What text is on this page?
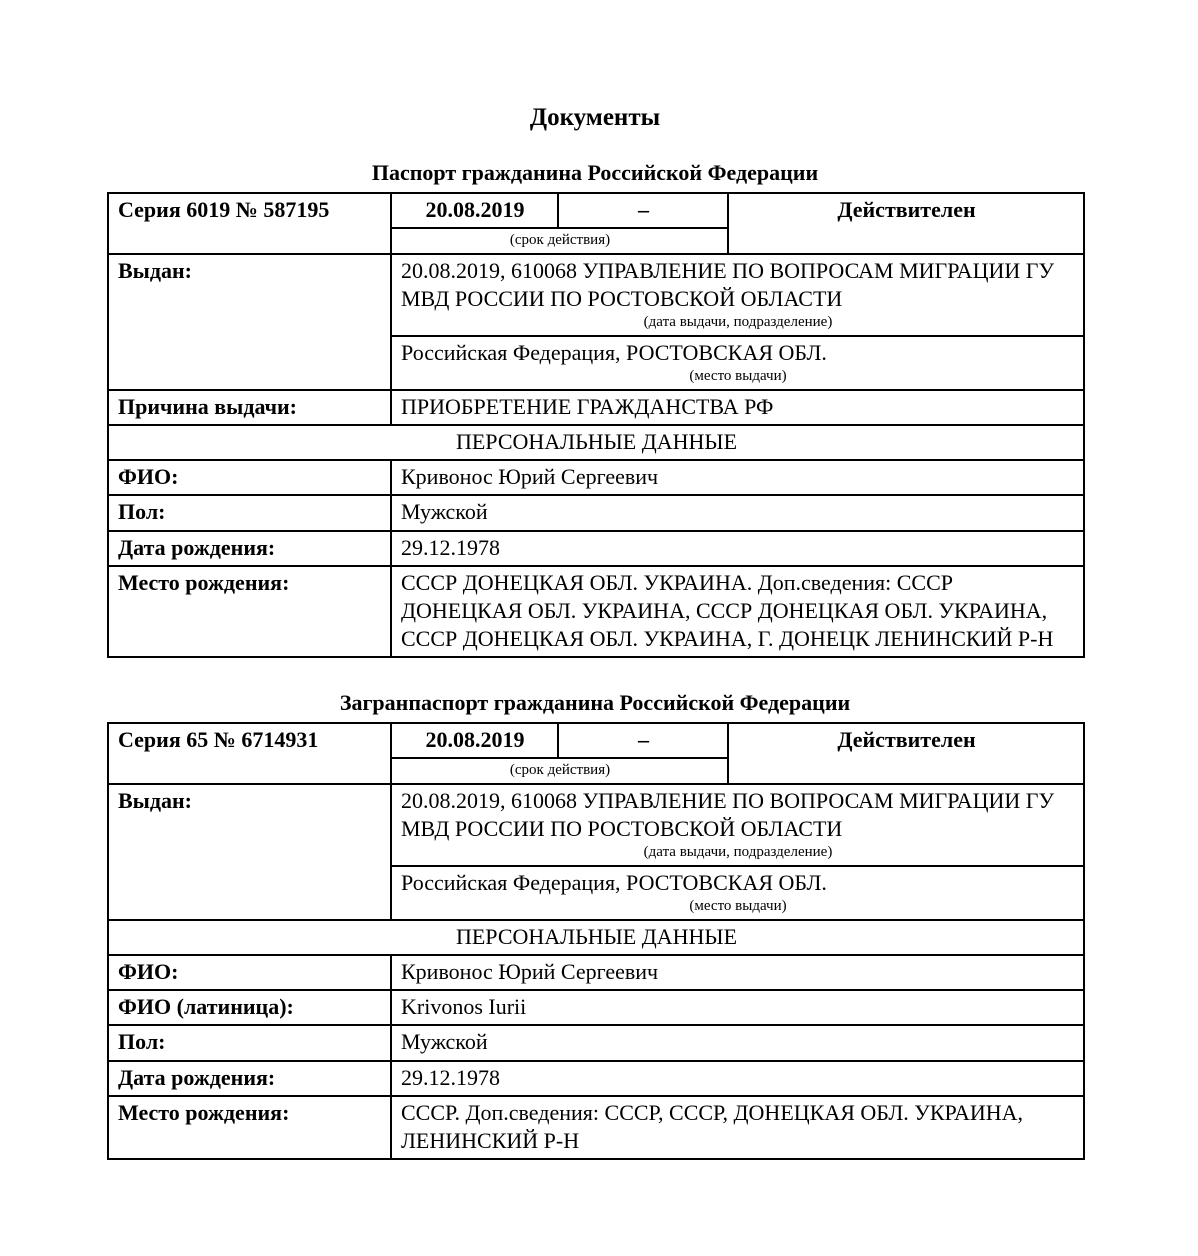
Документы
Паспорт гражданина Российской Федерации
Серия 6019 № 587195	20.08.2019	–	Действителен

	(срок действия)		

Выдан:	20.08.2019, 610068 УПРАВЛЕНИЕ ПО ВОПРОСАМ МИГРАЦИИ ГУ МВД РОССИИ ПО РОСТОВСКОЙ ОБЛАСТИ
(дата выдачи, подразделение)		

	Российская Федерация, РОСТОВСКАЯ ОБЛ.
(место выдачи)		

Причина выдачи:	ПРИОБРЕТЕНИЕ ГРАЖДАНСТВА РФ		
ПЕРСОНАЛЬНЫЕ ДАННЫЕ			
ФИО:	Кривонос Юрий Сергеевич		
Пол:	Мужской		
Дата рождения:	29.12.1978		
Место рождения:	СССР ДОНЕЦКАЯ ОБЛ. УКРАИНА. Доп.сведения: СССР ДОНЕЦКАЯ ОБЛ. УКРАИНА, СССР ДОНЕЦКАЯ ОБЛ. УКРАИНА, СССР ДОНЕЦКАЯ ОБЛ. УКРАИНА, Г. ДОНЕЦК ЛЕНИНСКИЙ Р-Н		
Загранпаспорт гражданина Российской Федерации
Серия 65 № 6714931	20.08.2019	–	Действителен

	(срок действия)		

Выдан:	20.08.2019, 610068 УПРАВЛЕНИЕ ПО ВОПРОСАМ МИГРАЦИИ ГУ МВД РОССИИ ПО РОСТОВСКОЙ ОБЛАСТИ
(дата выдачи, подразделение)		

	Российская Федерация, РОСТОВСКАЯ ОБЛ.
(место выдачи)		

ПЕРСОНАЛЬНЫЕ ДАННЫЕ			
ФИО:	Кривонос Юрий Сергеевич		
ФИО (латиница):	Krivonos Iurii		
Пол:	Мужской		
Дата рождения:	29.12.1978		
Место рождения:	СССР. Доп.сведения: СССР, СССР, ДОНЕЦКАЯ ОБЛ. УКРАИНА, ЛЕНИНСКИЙ Р-Н		
